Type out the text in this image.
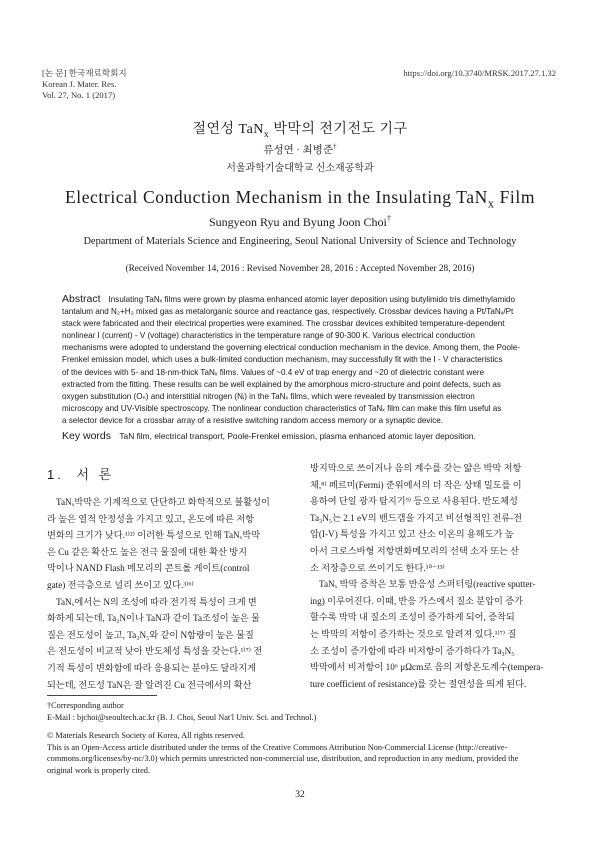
[논 문] 한국재료학회지
Korean J. Mater. Res.
Vol. 27, No. 1 (2017)
https://doi.org/10.3740/MRSK.2017.27.1.32
절연성 TaN$_x$ 박막의 전기전도 기구
류성연 · 최병준†
서울과학기술대학교 신소재공학과
Electrical Conduction Mechanism in the Insulating TaN$_x$ Film
Sungyeon Ryu and Byung Joon Choi†
Department of Materials Science and Engineering, Seoul National University of Science and Technology
(Received November 14, 2016 : Revised November 28, 2016 : Accepted November 28, 2016)
Abstract Insulating TaNₓ films were grown by plasma enhanced atomic layer deposition using butylimido tris dimethylamido
tantalum and N₂+H₂ mixed gas as metalorganic source and reactance gas, respectively. Crossbar devices having a Pt/TaNₓ/Pt
stack were fabricated and their electrical properties were examined. The crossbar devices exhibited temperature-dependent
nonlinear I (current) - V (voltage) characteristics in the temperature range of 90-300 K. Various electrical conduction
mechanisms were adopted to understand the governing electrical conduction mechanism in the device. Among them, the Poole-
Frenkel emission model, which uses a bulk-limited conduction mechanism, may successfully fit with the I - V characteristics
of the devices with 5- and 18-nm-thick TaNₓ films. Values of ~0.4 eV of trap energy and ~20 of dielectric constant were
extracted from the fitting. These results can be well explained by the amorphous micro-structure and point defects, such as
oxygen substitution (Oₙ) and interstitial nitrogen (Nᵢ) in the TaNₓ films, which were revealed by transmission electron
microscopy and UV-Visible spectroscopy. The nonlinear conduction characteristics of TaNₓ film can make this film useful as
a selector device for a crossbar array of a resistive switching random access memory or a synaptic device.
Key words TaN film, electrical transport, Poole-Frenkel emission, plasma enhanced atomic layer deposition.
1. 서 론
TaNₓ박막은 기계적으로 단단하고 화학적으로 불활성이
라 높은 열적 안정성을 가지고 있고, 온도에 따른 저항
변화의 크기가 낮다.¹⁾²⁾ 이러한 특성으로 인해 TaNₓ박막
은 Cu 같은 확산도 높은 전극 물질에 대한 확산 방지
막이나 NAND Flash 메모리의 콘트롤 게이트(control
gate) 전극층으로 널리 쓰이고 있다.³⁾⁶⁾
TaNₓ에서는 N의 조성에 따라 전기적 특성이 크게 변
화하게 되는데, Ta₂N이나 TaN과 같이 Ta조성이 높은 물
질은 전도성이 높고, Ta₃N₅와 같이 N함량이 높은 물질
은 전도성이 비교적 낮아 반도체성 특성을 갖는다.¹⁾⁷⁾ 전
기적 특성이 변화함에 따라 응용되는 분야도 달라지게
되는데, 전도성 TaN은 잘 알려진 Cu 전극에서의 확산
방지막으로 쓰이거나 음의 계수를 갖는 얇은 박막 저항
체,⁸⁾ 페르미(Fermi) 준위에서의 더 작은 상태 밀도를 이
용하여 단일 광자 탐지기⁹⁾ 등으로 사용된다. 반도체성
Ta₃N₅는 2.1 eV의 밴드갭을 가지고 비선형적인 전류-전
압(I-V) 특성을 가지고 있고 산소 이온의 용해도가 높
아서 크로스바형 저항변화메모리의 선택 소자 또는 산
소 저장층으로 쓰이기도 한다.¹⁰⁻¹³⁾
TaNₓ 박막 증착은 보통 반응성 스퍼터링(reactive sputter-
ing) 이루어진다. 이때, 반응 가스에서 질소 분압이 증가
할수록 박막 내 질소의 조성이 증가하게 되어, 증착되
는 박막의 저항이 증가하는 것으로 알려져 있다.¹⁾⁷⁾ 질
소 조성이 증가함에 따라 비저항이 증가하다가 Ta₃N₅
박막에서 비저항이 10⁶ μΩcm로 음의 저항온도계수(tempera-
ture coefficient of resistance)를 갖는 절연성을 띄게 된다.
†Corresponding author
E-Mail : bjchoi@seoultech.ac.kr (B. J. Choi, Seoul Nat'l Univ. Sci. and Technol.)
© Materials Research Society of Korea, All rights reserved.
This is an Open-Access article distributed under the terms of the Creative Commons Attribution Non-Commercial License (http://creative-
commons.org/licenses/by-nc/3.0) which permits unrestricted non-commercial use, distribution, and reproduction in any medium, provided the
original work is properly cited.
32
